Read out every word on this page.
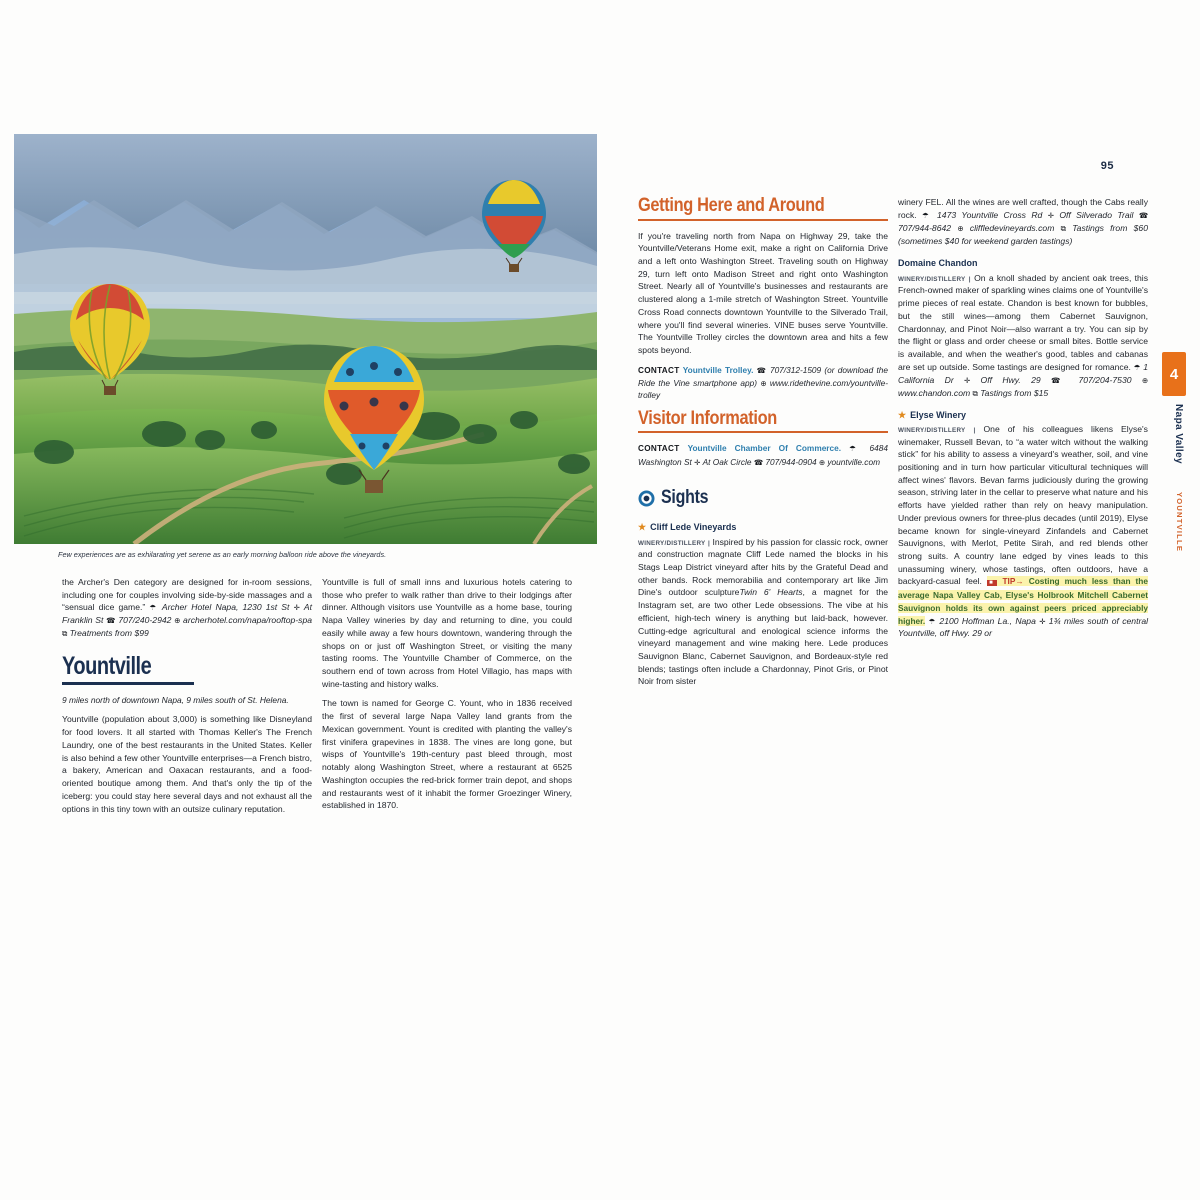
95
Few experiences are as exhilarating yet serene as an early morning balloon ride above the vineyards.

the Archer's Den category are designed for in-room sessions, including one for couples involving side-by-side massages and a “sensual dice game.” ☂ Archer Hotel Napa, 1230 1st St ✛ At Franklin St ☎ 707/240-2942 ⊕ archerhotel.com/napa/rooftop-spa ⧉ Treatments from $99

Yountville

9 miles north of downtown Napa, 9 miles south of St. Helena.

Yountville (population about 3,000) is something like Disneyland for food lovers. It all started with Thomas Keller's The French Laundry, one of the best restaurants in the United States. Keller is also behind a few other Yountville enterprises—a French bistro, a bakery, American and Oaxacan restaurants, and a food-oriented boutique among them. And that's only the tip of the iceberg: you could stay here several days and not exhaust all the options in this tiny town with an outsize culinary reputation.

Yountville is full of small inns and luxurious hotels catering to those who prefer to walk rather than drive to their lodgings after dinner. Although visitors use Yountville as a home base, touring Napa Valley wineries by day and returning to dine, you could easily while away a few hours downtown, wandering through the shops on or just off Washington Street, or visiting the many tasting rooms. The Yountville Chamber of Commerce, on the southern end of town across from Hotel Villagio, has maps with wine-tasting and history walks.

The town is named for George C. Yount, who in 1836 received the first of several large Napa Valley land grants from the Mexican government. Yount is credited with planting the valley's first vinifera grapevines in 1838. The vines are long gone, but wisps of Yountville's 19th-century past bleed through, most notably along Washington Street, where a restaurant at 6525 Washington occupies the red-brick former train depot, and shops and restaurants west of it inhabit the former Groezinger Winery, established in 1870.

Getting Here and Around

If you're traveling north from Napa on Highway 29, take the Yountville/Veterans Home exit, make a right on California Drive and a left onto Washington Street. Traveling south on Highway 29, turn left onto Madison Street and right onto Washington Street. Nearly all of Yountville's businesses and restaurants are clustered along a 1-mile stretch of Washington Street. Yountville Cross Road connects downtown Yountville to the Silverado Trail, where you'll find several wineries. VINE buses serve Yountville. The Yountville Trolley circles the downtown area and hits a few spots beyond.

CONTACT Yountville Trolley. ☎ 707/312-1509 (or download the Ride the Vine smartphone app) ⊕ www.ridethevine.com/yountville-trolley

Visitor Information

CONTACT Yountville Chamber Of Commerce. ☂ 6484 Washington St ✛ At Oak Circle ☎ 707/944-0904 ⊕ yountville.com

Sights
★ Cliff Lede Vineyards

WINERY/DISTILLERY | Inspired by his passion for classic rock, owner and construction magnate Cliff Lede named the blocks in his Stags Leap District vineyard after hits by the Grateful Dead and other bands. Rock memorabilia and contemporary art like Jim Dine's outdoor sculptureTwin 6' Hearts, a magnet for the Instagram set, are two other Lede obsessions. The vibe at his efficient, high-tech winery is anything but laid-back, however. Cutting-edge agricultural and enological science informs the vineyard management and wine making here. Lede produces Sauvignon Blanc, Cabernet Sauvignon, and Bordeaux-style red blends; tastings often include a Chardonnay, Pinot Gris, or Pinot Noir from sister

winery FEL. All the wines are well crafted, though the Cabs really rock. ☂ 1473 Yountville Cross Rd ✛ Off Silverado Trail ☎ 707/944-8642 ⊕ cliffledevineyards.com ⧉ Tastings from $60 (sometimes $40 for weekend garden tastings)

Domaine Chandon

WINERY/DISTILLERY | On a knoll shaded by ancient oak trees, this French-owned maker of sparkling wines claims one of Yountville's prime pieces of real estate. Chandon is best known for bubbles, but the still wines—among them Cabernet Sauvignon, Chardonnay, and Pinot Noir—also warrant a try. You can sip by the flight or glass and order cheese or small bites. Bottle service is available, and when the weather's good, tables and cabanas are set up outside. Some tastings are designed for romance. ☂ 1 California Dr ✛ Off Hwy. 29 ☎ 707/204-7530 ⊕ www.chandon.com ⧉ Tastings from $15

★ Elyse Winery

WINERY/DISTILLERY | One of his colleagues likens Elyse's winemaker, Russell Bevan, to “a water witch without the walking stick” for his ability to assess a vineyard's weather, soil, and vine positioning and in turn how particular viticultural techniques will affect wines' flavors. Bevan farms judiciously during the growing season, striving later in the cellar to preserve what nature and his efforts have yielded rather than rely on heavy manipulation. Under previous owners for three-plus decades (until 2019), Elyse became known for single-vineyard Zinfandels and Cabernet Sauvignons, with Merlot, Petite Sirah, and red blends other strong suits. A country lane edged by vines leads to this unassuming winery, whose tastings, often outdoors, have a backyard-casual feel. ■ TIP→ Costing much less than the average Napa Valley Cab, Elyse's Holbrook Mitchell Cabernet Sauvignon holds its own against peers priced appreciably higher. ☂ 2100 Hoffman La., Napa ✛ 1¾ miles south of central Yountville, off Hwy. 29 or

4
Napa Valley
YOUNTVILLE
